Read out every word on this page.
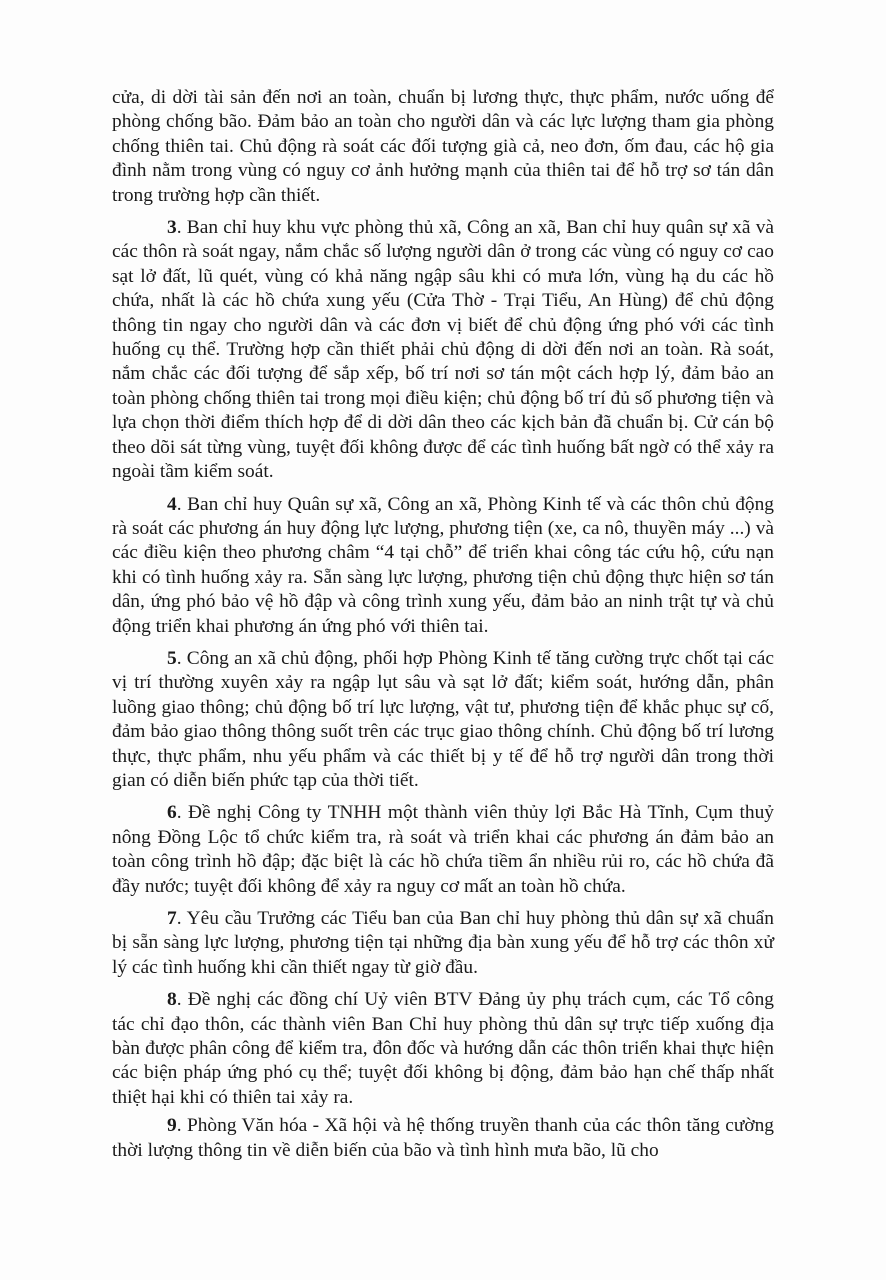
cửa, di dời tài sản đến nơi an toàn, chuẩn bị lương thực, thực phẩm, nước uống để phòng chống bão. Đảm bảo an toàn cho người dân và các lực lượng tham gia phòng chống thiên tai. Chủ động rà soát các đối tượng già cả, neo đơn, ốm đau, các hộ gia đình nằm trong vùng có nguy cơ ảnh hưởng mạnh của thiên tai để hỗ trợ sơ tán dân trong trường hợp cần thiết.

3. Ban chỉ huy khu vực phòng thủ xã, Công an xã, Ban chỉ huy quân sự xã và các thôn rà soát ngay, nắm chắc số lượng người dân ở trong các vùng có nguy cơ cao sạt lở đất, lũ quét, vùng có khả năng ngập sâu khi có mưa lớn, vùng hạ du các hồ chứa, nhất là các hồ chứa xung yếu (Cửa Thờ - Trại Tiểu, An Hùng) để chủ động thông tin ngay cho người dân và các đơn vị biết để chủ động ứng phó với các tình huống cụ thể. Trường hợp cần thiết phải chủ động di dời đến nơi an toàn. Rà soát, nắm chắc các đối tượng để sắp xếp, bố trí nơi sơ tán một cách hợp lý, đảm bảo an toàn phòng chống thiên tai trong mọi điều kiện; chủ động bố trí đủ số phương tiện và lựa chọn thời điểm thích hợp để di dời dân theo các kịch bản đã chuẩn bị. Cử cán bộ theo dõi sát từng vùng, tuyệt đối không được để các tình huống bất ngờ có thể xảy ra ngoài tầm kiểm soát.

4. Ban chỉ huy Quân sự xã, Công an xã, Phòng Kinh tế và các thôn chủ động rà soát các phương án huy động lực lượng, phương tiện (xe, ca nô, thuyền máy ...) và các điều kiện theo phương châm “4 tại chỗ” để triển khai công tác cứu hộ, cứu nạn khi có tình huống xảy ra. Sẵn sàng lực lượng, phương tiện chủ động thực hiện sơ tán dân, ứng phó bảo vệ hồ đập và công trình xung yếu, đảm bảo an ninh trật tự và chủ động triển khai phương án ứng phó với thiên tai.

5. Công an xã chủ động, phối hợp Phòng Kinh tế tăng cường trực chốt tại các vị trí thường xuyên xảy ra ngập lụt sâu và sạt lở đất; kiểm soát, hướng dẫn, phân luồng giao thông; chủ động bố trí lực lượng, vật tư, phương tiện để khắc phục sự cố, đảm bảo giao thông thông suốt trên các trục giao thông chính. Chủ động bố trí lương thực, thực phẩm, nhu yếu phẩm và các thiết bị y tế để hỗ trợ người dân trong thời gian có diễn biến phức tạp của thời tiết.

6. Đề nghị Công ty TNHH một thành viên thủy lợi Bắc Hà Tĩnh, Cụm thuỷ nông Đồng Lộc tổ chức kiểm tra, rà soát và triển khai các phương án đảm bảo an toàn công trình hồ đập; đặc biệt là các hồ chứa tiềm ẩn nhiều rủi ro, các hồ chứa đã đầy nước; tuyệt đối không để xảy ra nguy cơ mất an toàn hồ chứa.

7. Yêu cầu Trưởng các Tiểu ban của Ban chỉ huy phòng thủ dân sự xã chuẩn bị sẵn sàng lực lượng, phương tiện tại những địa bàn xung yếu để hỗ trợ các thôn xử lý các tình huống khi cần thiết ngay từ giờ đầu.

8. Đề nghị các đồng chí Uỷ viên BTV Đảng ủy phụ trách cụm, các Tổ công tác chỉ đạo thôn, các thành viên Ban Chỉ huy phòng thủ dân sự trực tiếp xuống địa bàn được phân công để kiểm tra, đôn đốc và hướng dẫn các thôn triển khai thực hiện các biện pháp ứng phó cụ thể; tuyệt đối không bị động, đảm bảo hạn chế thấp nhất thiệt hại khi có thiên tai xảy ra.

9. Phòng Văn hóa - Xã hội và hệ thống truyền thanh của các thôn tăng cường thời lượng thông tin về diễn biến của bão và tình hình mưa bão, lũ cho
